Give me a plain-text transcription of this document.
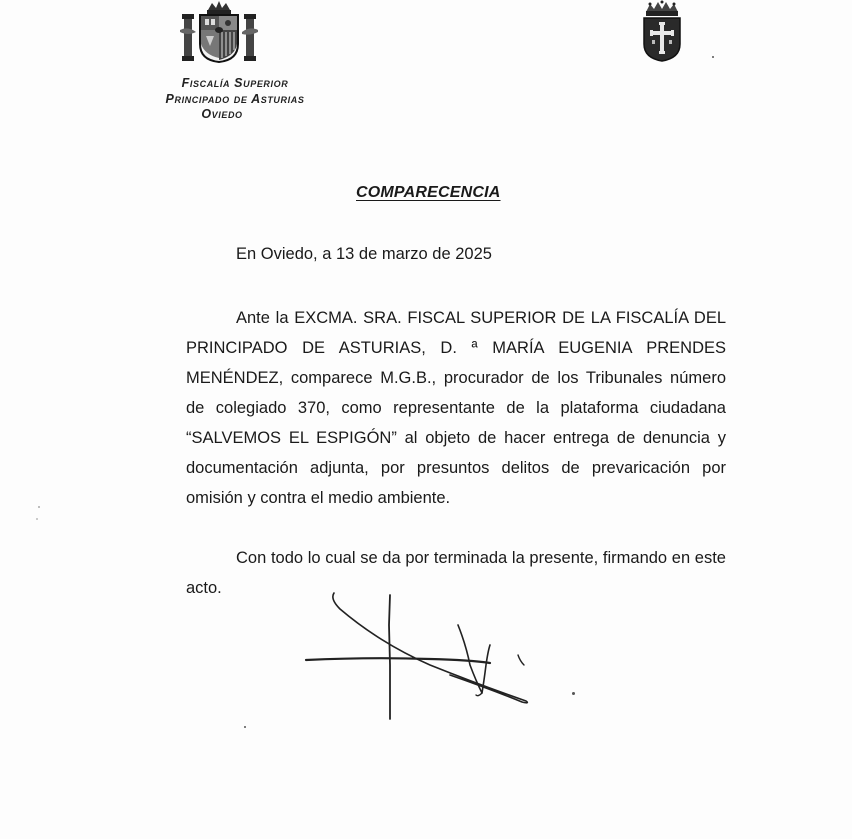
Fiscalía Superior
Principado de Asturias
Oviedo
COMPARECENCIA
En Oviedo, a 13 de marzo de 2025
Ante la EXCMA. SRA. FISCAL SUPERIOR DE LA FISCALÍA DEL PRINCIPADO DE ASTURIAS, D. ª MARÍA EUGENIA PRENDES MENÉNDEZ, comparece M.G.B., procurador de los Tribunales número de colegiado 370, como representante de la plataforma ciudadana “SALVEMOS EL ESPIGÓN” al objeto de hacer entrega de denuncia y documentación adjunta, por presuntos delitos de prevaricación por omisión y contra el medio ambiente.
Con todo lo cual se da por terminada la presente, firmando en este acto.
